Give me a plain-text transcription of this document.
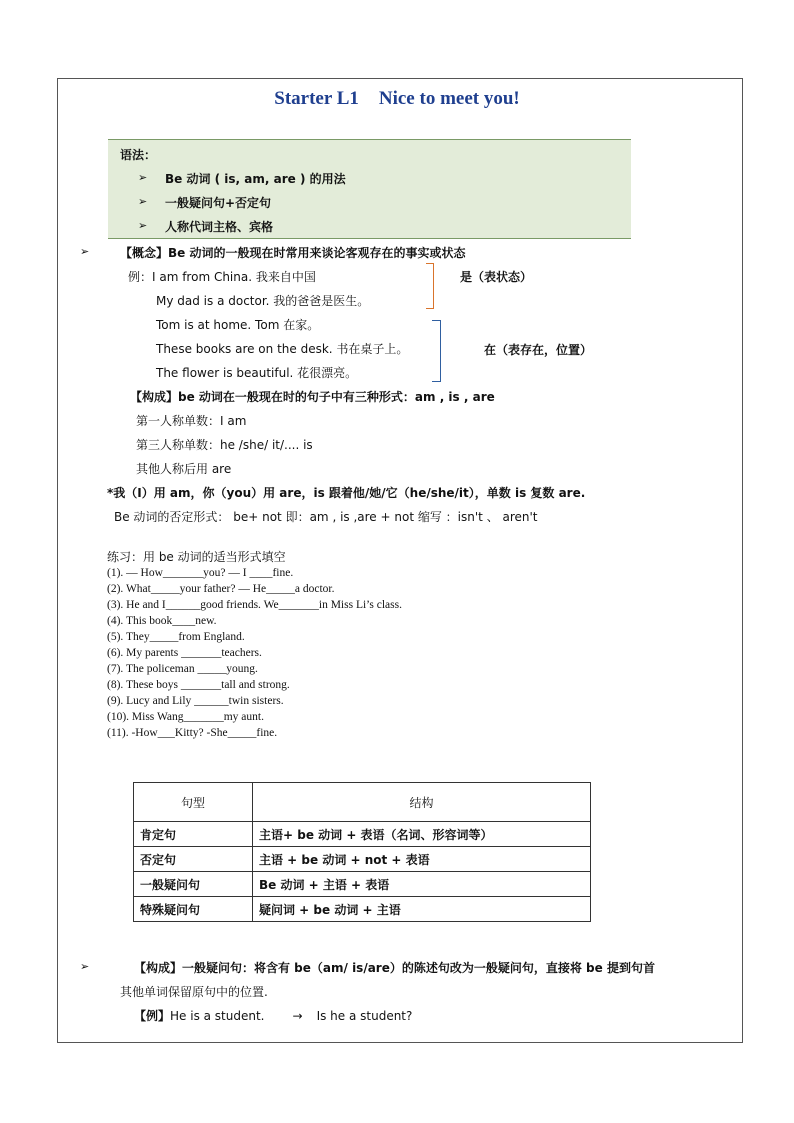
Starter L1 Nice to meet you!
语法：
➢ Be 动词 ( is, am, are ) 的用法
➢ 一般疑问句+否定句
➢ 人称代词主格、宾格
➢	【概念】Be 动词的一般现在时常用来谈论客观存在的事实或状态
例：I am from China. 我来自中国
My dad is a doctor. 我的爸爸是医生。
Tom is at home. Tom 在家。
These books are on the desk. 书在桌子上。
The flower is beautiful. 花很漂亮。
是（表状态）
在（表存在，位置）
【构成】be 动词在一般现在时的句子中有三种形式：am , is , are
第一人称单数：I am
第三人称单数：he /she/ it/.... is
其他人称后用 are
*我（I）用 am，你（you）用 are，is 跟着他/她/它（he/she/it），单数 is 复数 are.
Be 动词的否定形式： be+ not 即：am , is ,are + not 缩写 ：isn't 、 aren't
练习：用 be 动词的适当形式填空
(1). — How_______you? — I ____fine.
(2). What_____your father? — He_____a doctor.
(3). He and I______good friends. We_______in Miss Li’s class.
(4). This book____new.
(5). They_____from England.
(6). My parents _______teachers.
(7). The policeman _____young.
(8). These boys _______tall and strong.
(9). Lucy and Lily ______twin sisters.
(10). Miss Wang_______my aunt.
(11). -How___Kitty? -She_____fine.
句型	结构
肯定句	主语+ be 动词 + 表语（名词、形容词等）
否定句	主语 + be 动词 + not + 表语
一般疑问句	Be 动词 + 主语 + 表语
特殊疑问句	疑问词 + be 动词 + 主语
➢	【构成】一般疑问句：将含有 be（am/ is/are）的陈述句改为一般疑问句，直接将 be 提到句首
其他单词保留原句中的位置.
【例】He is a student. → Is he a student?
